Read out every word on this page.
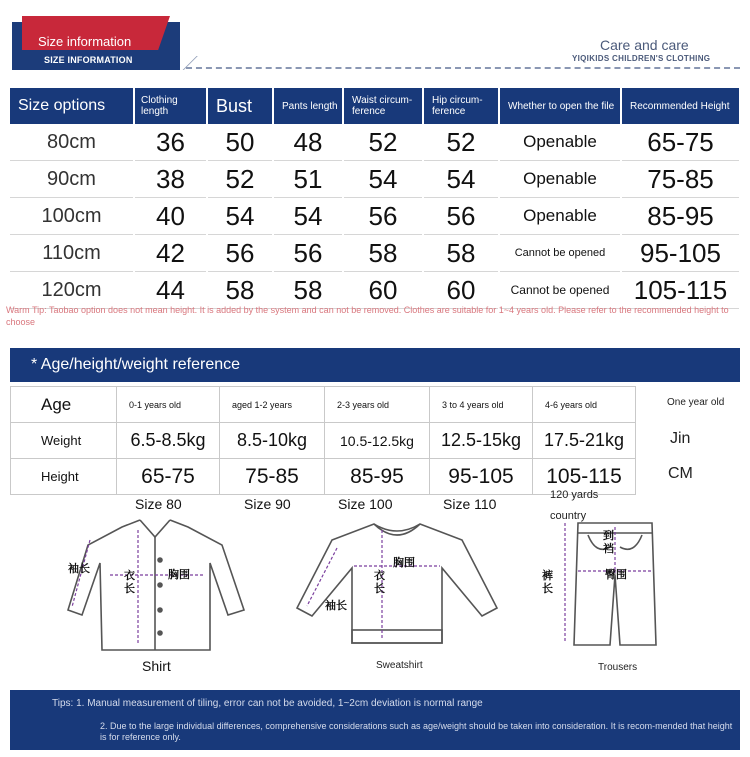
Size information
SIZE INFORMATION
Care and care
YIQIKIDS CHILDREN'S CLOTHING
Size options	Clothing length	Bust	Pants length	Waist circum-ference	Hip circum-ference	Whether to open the file	Recommended Height
80cm	36	50	48	52	52	Openable	65-75
90cm	38	52	51	54	54	Openable	75-85
100cm	40	54	54	56	56	Openable	85-95
110cm	42	56	56	58	58	Cannot be opened	95-105
120cm	44	58	58	60	60	Cannot be opened	105-115
Warm Tip: Taobao option does not mean height. It is added by the system and can not be removed. Clothes are suitable for 1~4 years old. Please refer to the recommended height to choose
* Age/height/weight reference
Age	0-1 years old	aged 1-2 years	2-3 years old	3 to 4 years old	4-6 years old
Weight	6.5-8.5kg	8.5-10kg	10.5-12.5kg	12.5-15kg	17.5-21kg
Height	65-75	75-85	85-95	95-105	105-115
One year old
Jin
CM
Size 80	Size 90	Size 100	Size 110
120 yards
country
袖长
衣长
胸围
Shirt
胸围
衣长
袖长
Sweatshirt
到裆
臀围
裤长
Trousers
Tips: 1. Manual measurement of tiling, error can not be avoided, 1~2cm deviation is normal range
2. Due to the large individual differences, comprehensive considerations such as age/weight should be taken into consideration. It is recom-mended that height is for reference only.
